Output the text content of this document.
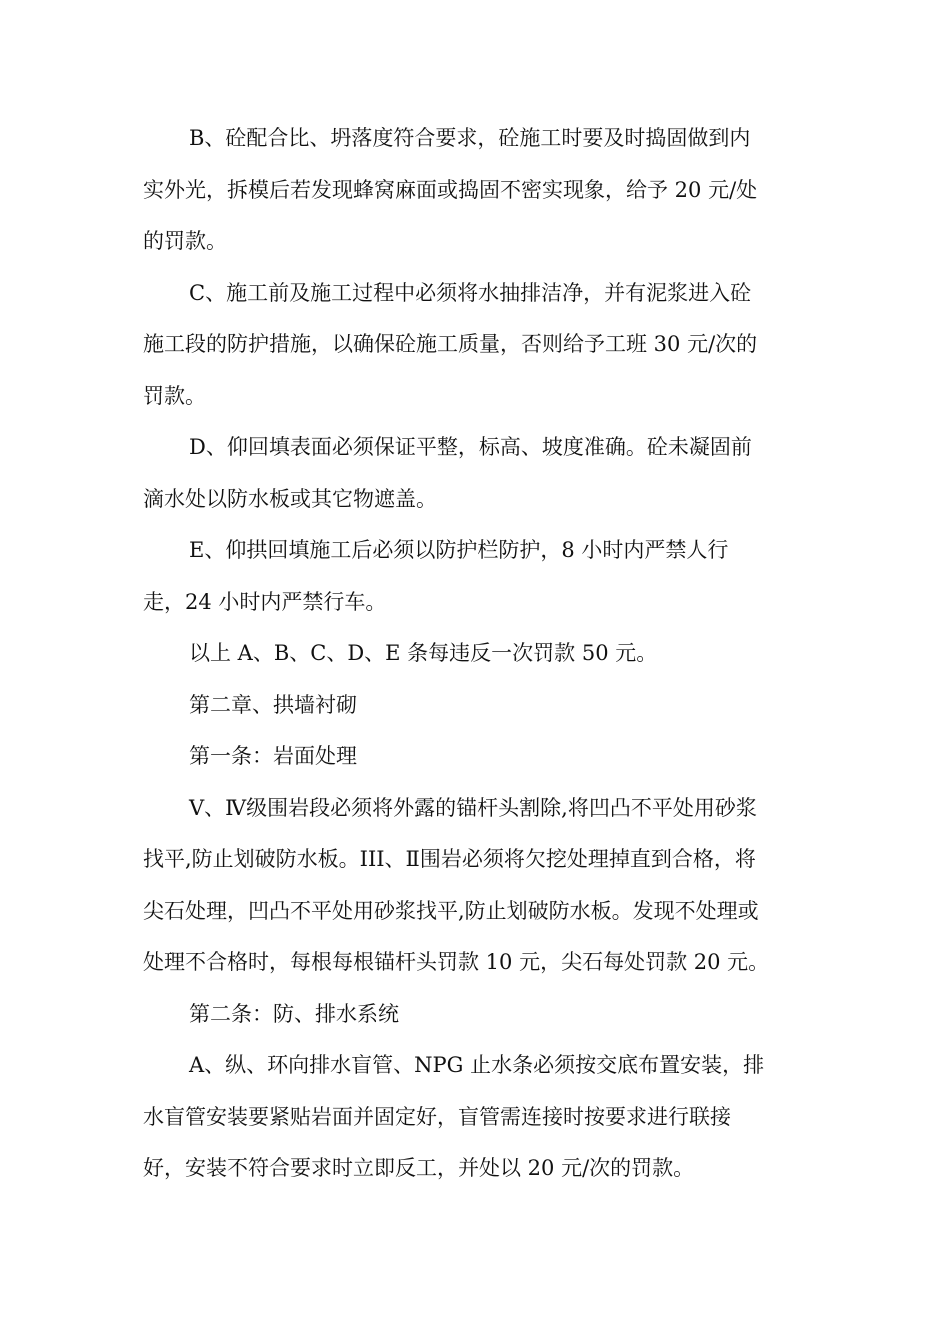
B、砼配合比、坍落度符合要求，砼施工时要及时捣固做到内
实外光，拆模后若发现蜂窝麻面或捣固不密实现象，给予 20 元/处
的罚款。

C、施工前及施工过程中必须将水抽排洁净，并有泥浆进入砼
施工段的防护措施，以确保砼施工质量，否则给予工班 30 元/次的
罚款。

D、仰回填表面必须保证平整，标高、坡度准确。砼未凝固前
滴水处以防水板或其它物遮盖。

E、仰拱回填施工后必须以防护栏防护，8 小时内严禁人行
走，24 小时内严禁行车。

以上 A、B、C、D、E 条每违反一次罚款 50 元。

第二章、拱墙衬砌

第一条：岩面处理

V、Ⅳ级围岩段必须将外露的锚杆头割除,将凹凸不平处用砂浆
找平,防止划破防水板。III、Ⅱ围岩必须将欠挖处理掉直到合格，将
尖石处理，凹凸不平处用砂浆找平,防止划破防水板。发现不处理或
处理不合格时，每根每根锚杆头罚款 10 元，尖石每处罚款 20 元。

第二条：防、排水系统

A、纵、环向排水盲管、NPG 止水条必须按交底布置安装，排
水盲管安装要紧贴岩面并固定好，盲管需连接时按要求进行联接
好，安装不符合要求时立即反工，并处以 20 元/次的罚款。
